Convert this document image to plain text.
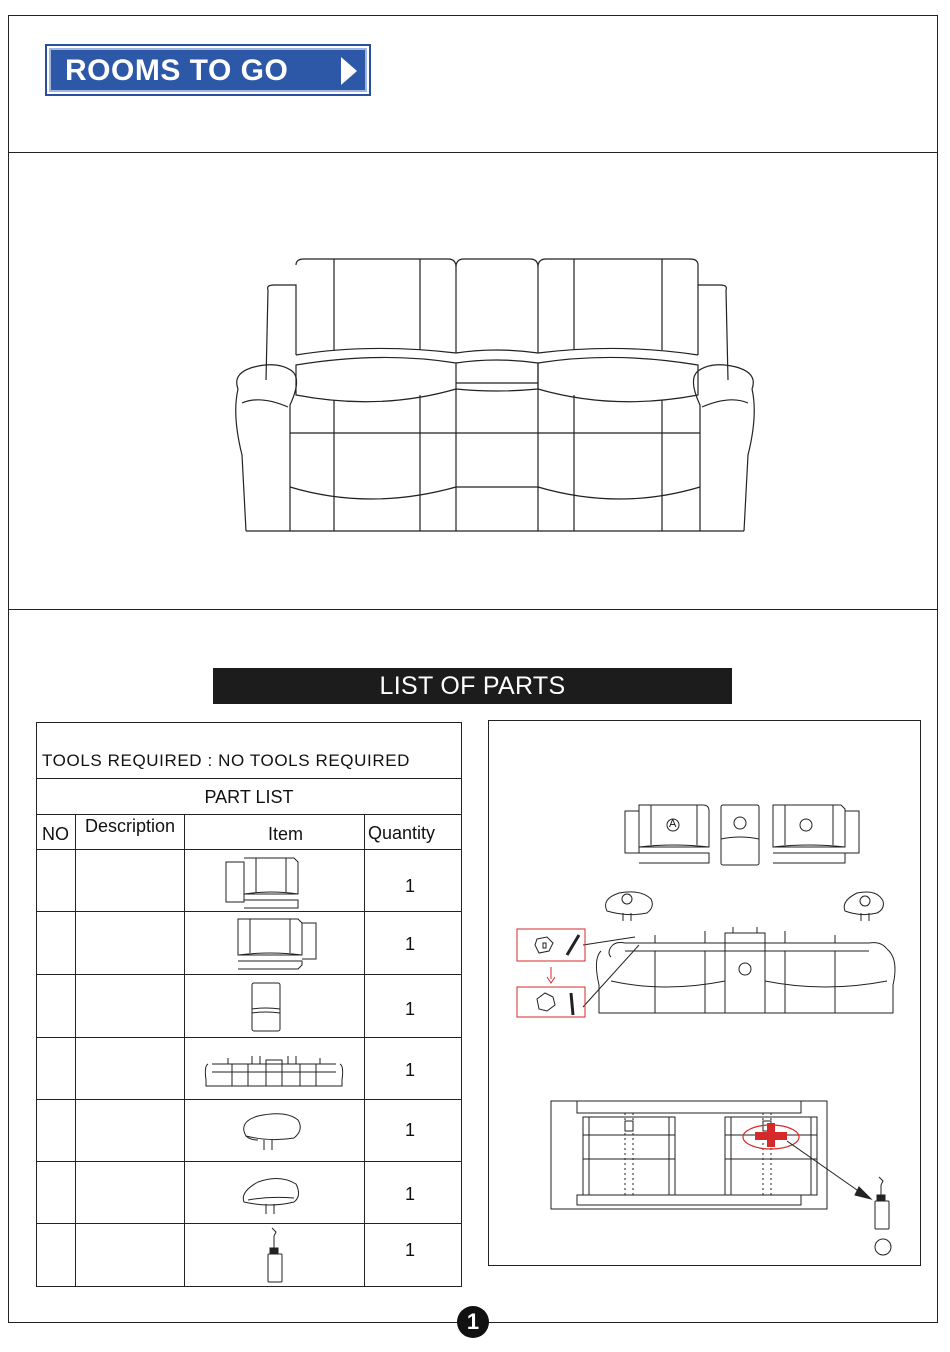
ROOMS TO GO
LIST OF PARTS
TOOLS REQUIRED : NO TOOLS REQUIRED
PART LIST
NO Description	Item	Quantity
1
1
1
1
1
1
1
A
1
